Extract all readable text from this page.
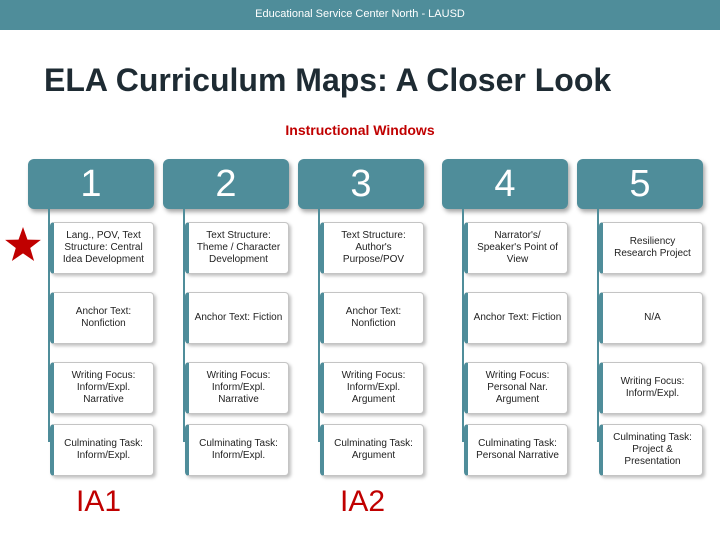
Educational Service Center North - LAUSD
ELA Curriculum Maps: A Closer Look
Instructional Windows
1
Lang., POV, Text Structure: Central Idea Development
Anchor Text: Nonfiction
Writing Focus: Inform/Expl. Narrative
Culminating Task: Inform/Expl.
2
Text Structure: Theme / Character Development
Anchor Text: Fiction
Writing Focus: Inform/Expl. Narrative
Culminating Task: Inform/Expl.
3
Text Structure: Author's Purpose/POV
Anchor Text: Nonfiction
Writing Focus: Inform/Expl. Argument
Culminating Task: Argument
4
Narrator's/ Speaker's Point of View
Anchor Text: Fiction
Writing Focus: Personal Nar. Argument
Culminating Task: Personal Narrative
5
Resiliency Research Project
N/A
Writing Focus: Inform/Expl.
Culminating Task: Project & Presentation
IA1	IA2
